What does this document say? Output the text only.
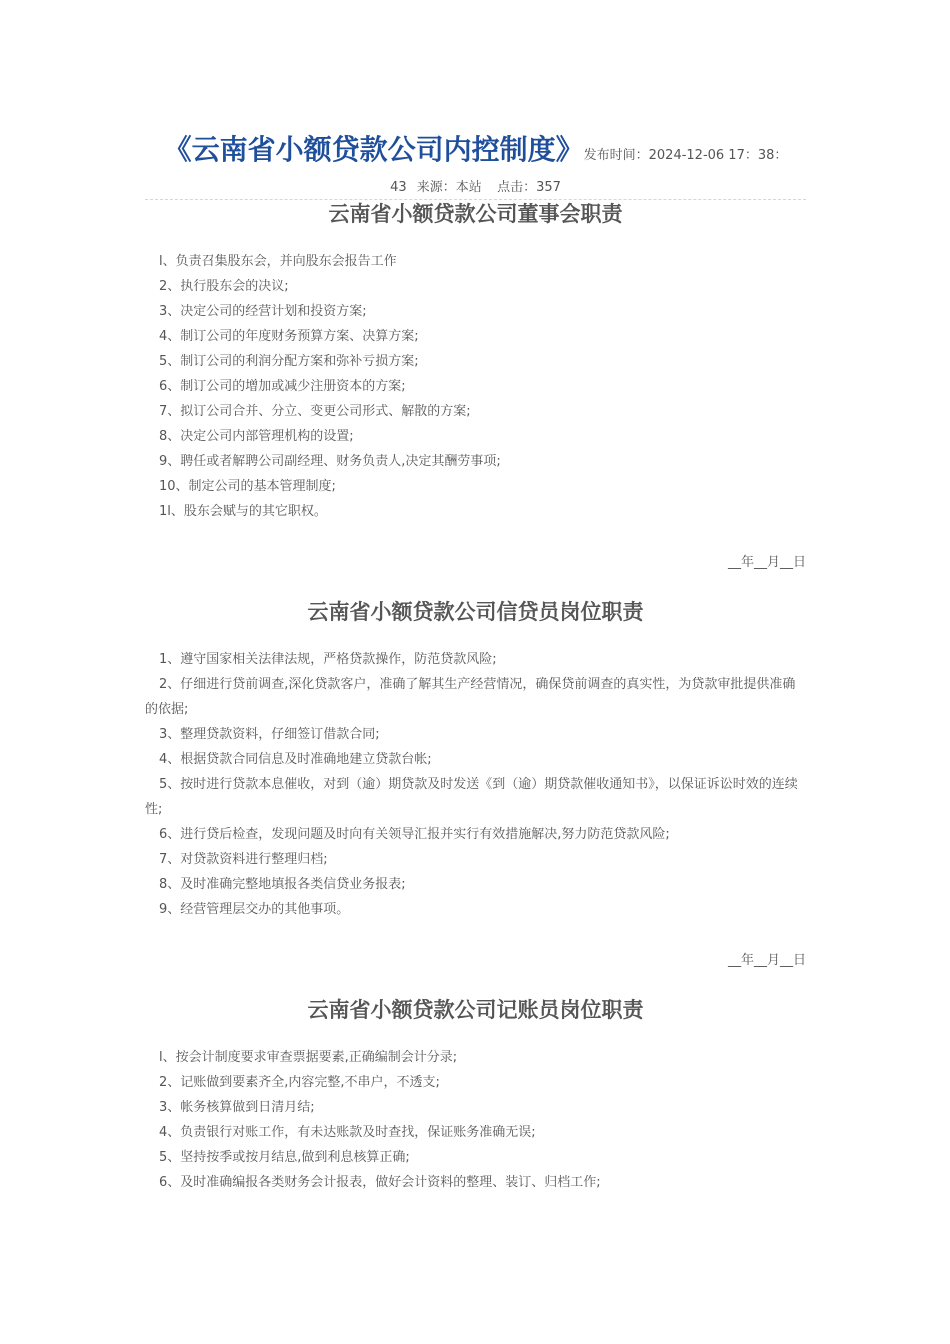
《云南省小额贷款公司内控制度》发布时间：2024-12-06 17：38：43 来源：本站 点击：357
云南省小额贷款公司董事会职责
l、负责召集股东会，并向股东会报告工作
2、执行股东会的决议;
3、决定公司的经营计划和投资方案;
4、制订公司的年度财务预算方案、决算方案;
5、制订公司的利润分配方案和弥补亏损方案;
6、制订公司的增加或减少注册资本的方案;
7、拟订公司合并、分立、变更公司形式、解散的方案;
8、决定公司内部管理机构的设置;
9、聘任或者解聘公司副经理、财务负责人,决定其酬劳事项;
10、制定公司的基本管理制度;
1l、股东会赋与的其它职权。
__年__月__日
云南省小额贷款公司信贷员岗位职责
1、遵守国家相关法律法规，严格贷款操作，防范贷款风险;
2、仔细进行贷前调查,深化贷款客户，准确了解其生产经营情况，确保贷前调查的真实性，为贷款审批提供准确的依据;
3、整理贷款资料，仔细签订借款合同;
4、根据贷款合同信息及时准确地建立贷款台帐;
5、按时进行贷款本息催收，对到（逾）期贷款及时发送《到（逾）期贷款催收通知书》，以保证诉讼时效的连续性;
6、进行贷后检查，发现问题及时向有关领导汇报并实行有效措施解决,努力防范贷款风险;
7、对贷款资料进行整理归档;
8、及时准确完整地填报各类信贷业务报表;
9、经营管理层交办的其他事项。
__年__月__日
云南省小额贷款公司记账员岗位职责
l、按会计制度要求审查票据要素,正确编制会计分录;
2、记账做到要素齐全,内容完整,不串户，不透支;
3、帐务核算做到日清月结;
4、负责银行对账工作，有未达账款及时查找，保证账务准确无误;
5、坚持按季或按月结息,做到利息核算正确;
6、及时准确编报各类财务会计报表，做好会计资料的整理、装订、归档工作;
